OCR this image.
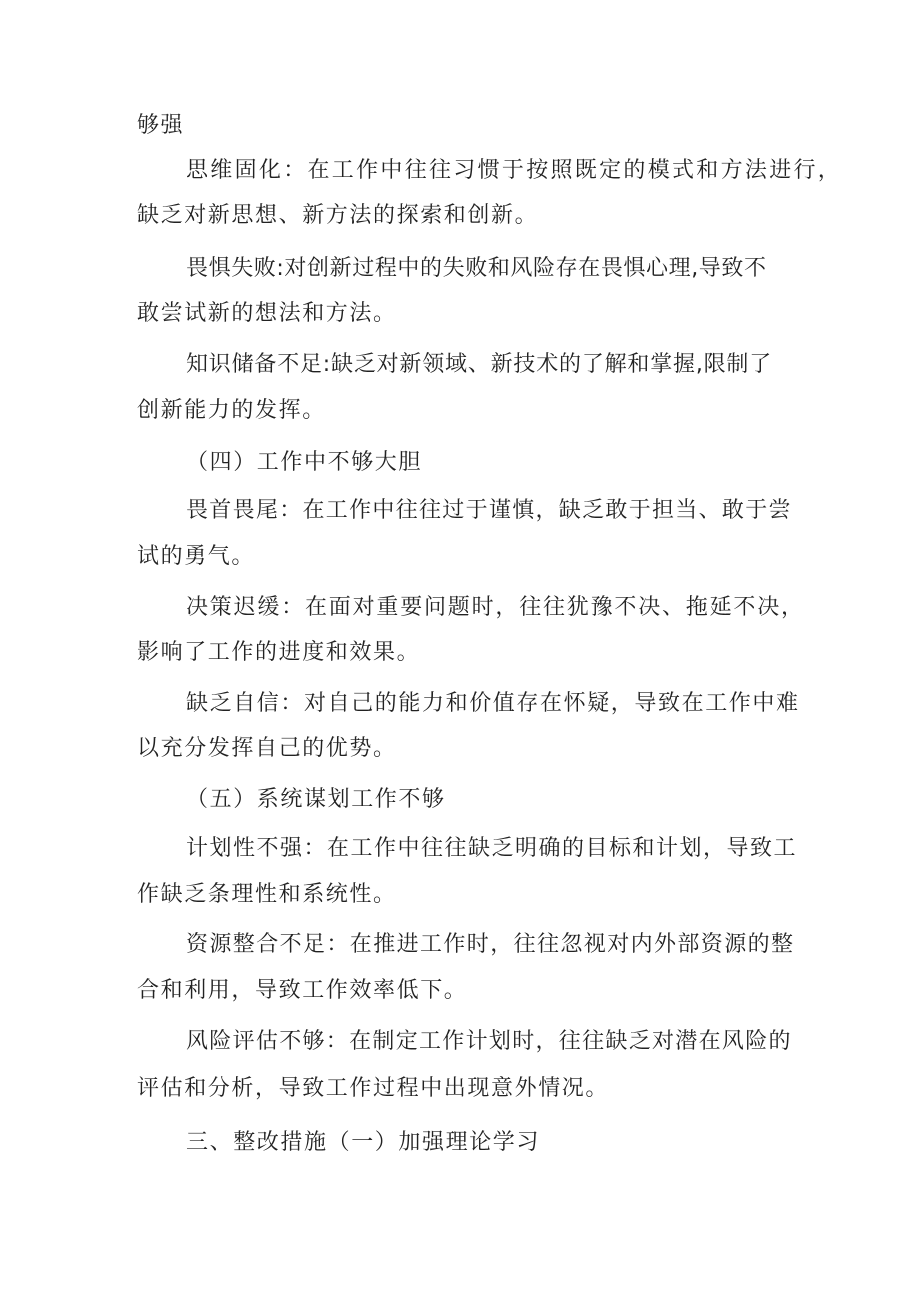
够强

思维固化：在工作中往往习惯于按照既定的模式和方法进行，

缺乏对新思想、新方法的探索和创新。

畏惧失败:对创新过程中的失败和风险存在畏惧心理,导致不

敢尝试新的想法和方法。

知识储备不足:缺乏对新领域、新技术的了解和掌握,限制了

创新能力的发挥。

（四）工作中不够大胆

畏首畏尾：在工作中往往过于谨慎，缺乏敢于担当、敢于尝

试的勇气。

决策迟缓：在面对重要问题时，往往犹豫不决、拖延不决，

影响了工作的进度和效果。

缺乏自信：对自己的能力和价值存在怀疑，导致在工作中难

以充分发挥自己的优势。

（五）系统谋划工作不够

计划性不强：在工作中往往缺乏明确的目标和计划，导致工

作缺乏条理性和系统性。

资源整合不足：在推进工作时，往往忽视对内外部资源的整

合和利用，导致工作效率低下。

风险评估不够：在制定工作计划时，往往缺乏对潜在风险的

评估和分析，导致工作过程中出现意外情况。

三、整改措施（一）加强理论学习
